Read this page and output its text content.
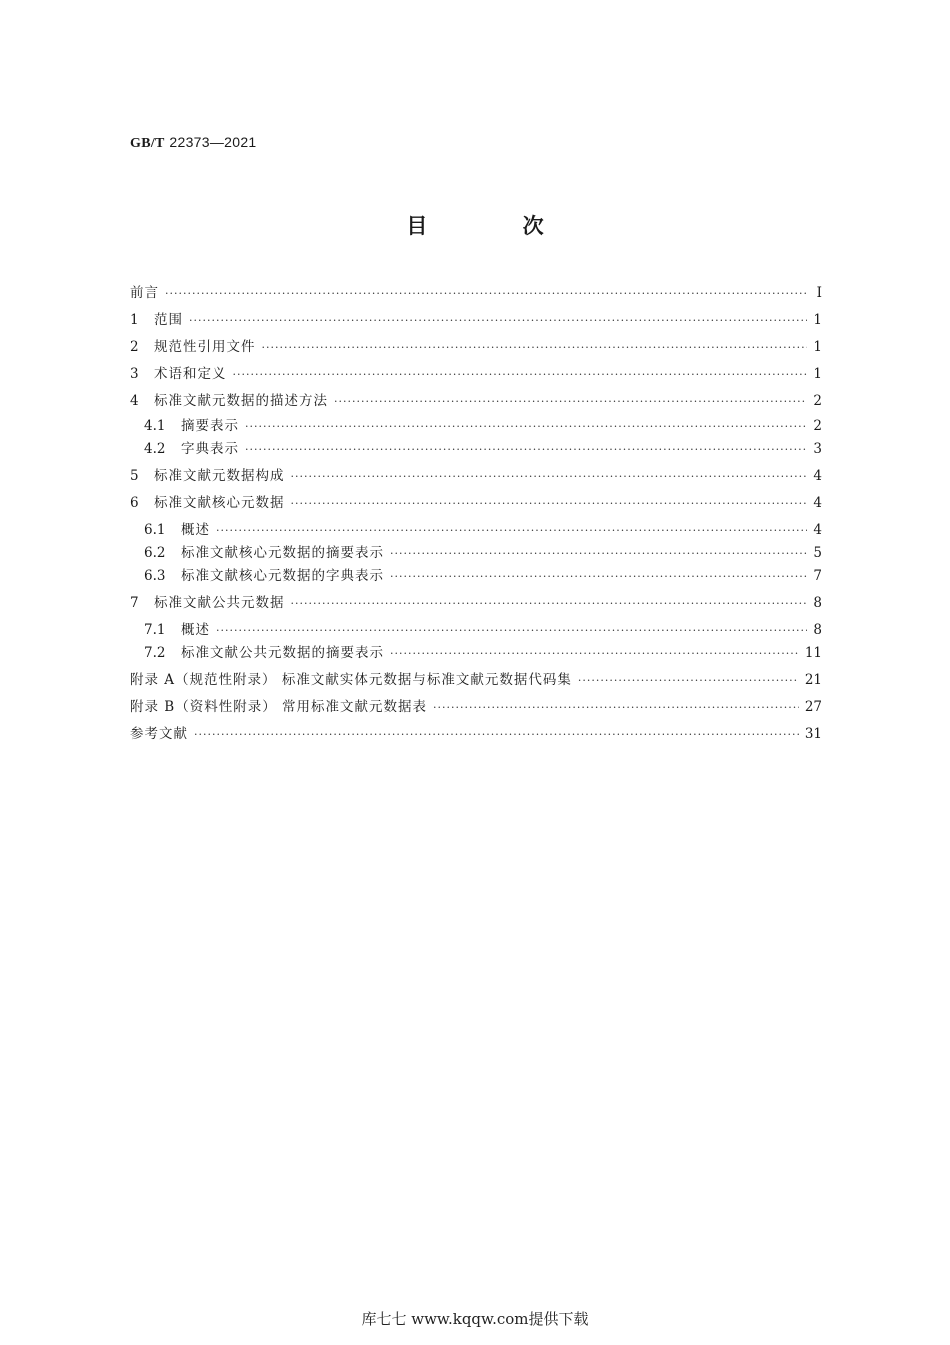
GB/T 22373—2021
目 次
前言 ·····	Ⅰ
1	范围 ·····	1
2	规范性引用文件 ·····	1
3	术语和定义 ·····	1
4	标准文献元数据的描述方法 ·····	2
4.1	摘要表示 ·····	2
4.2	字典表示 ·····	3
5	标准文献元数据构成 ·····	4
6	标准文献核心元数据 ·····	4
6.1	概述 ·····	4
6.2	标准文献核心元数据的摘要表示 ·····	5
6.3	标准文献核心元数据的字典表示 ·····	7
7	标准文献公共元数据 ·····	8
7.1	概述 ·····	8
7.2	标准文献公共元数据的摘要表示 ·····	11
附录 A（规范性附录） 标准文献实体元数据与标准文献元数据代码集 ·····	21
附录 B（资料性附录） 常用标准文献元数据表 ·····	27
参考文献 ·····	31
库七七 www.kqqw.com提供下载
